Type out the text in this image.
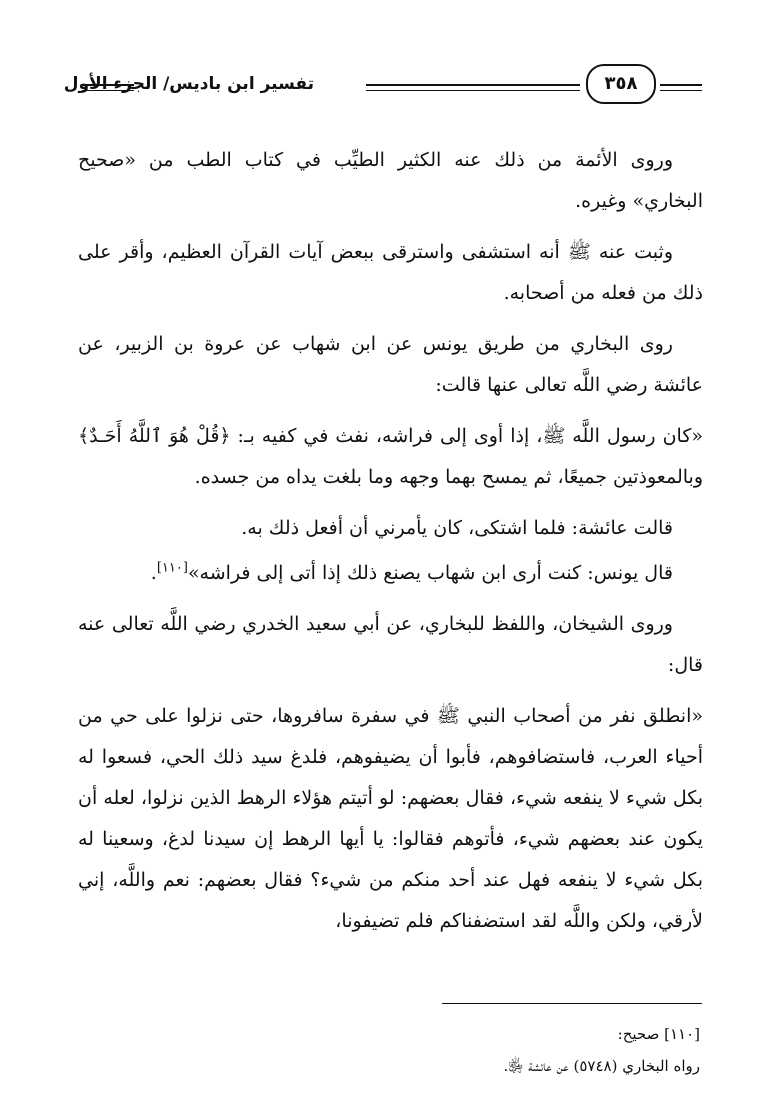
تفسير ابن باديس/ الجزء الأول	٣٥٨

وروى الأئمة من ذلك عنه الكثير الطيِّب في كتاب الطب من «صحيح البخاري» وغيره.

وثبت عنه ﷺ أنه استشفى واسترقى ببعض آيات القرآن العظيم، وأقر على ذلك من فعله من أصحابه.

روى البخاري من طريق يونس عن ابن شهاب عن عروة بن الزبير، عن عائشة رضي اللَّه تعالى عنها قالت:

«كان رسول اللَّه ﷺ، إذا أوى إلى فراشه، نفث في كفيه بـ: ﴿قُلْ هُوَ ٱللَّهُ أَحَـدٌ﴾ وبالمعوذتين جميعًا، ثم يمسح بهما وجهه وما بلغت يداه من جسده.

قالت عائشة: فلما اشتكى، كان يأمرني أن أفعل ذلك به.

قال يونس: كنت أرى ابن شهاب يصنع ذلك إذا أتى إلى فراشه»[١١٠].

وروى الشيخان، واللفظ للبخاري، عن أبي سعيد الخدري رضي اللَّه تعالى عنه قال:

«انطلق نفر من أصحاب النبي ﷺ في سفرة سافروها، حتى نزلوا على حي من أحياء العرب، فاستضافوهم، فأبوا أن يضيفوهم، فلدغ سيد ذلك الحي، فسعوا له بكل شيء لا ينفعه شيء، فقال بعضهم: لو أتيتم هؤلاء الرهط الذين نزلوا، لعله أن يكون عند بعضهم شيء، فأتوهم فقالوا: يا أيها الرهط إن سيدنا لدغ، وسعينا له بكل شيء لا ينفعه فهل عند أحد منكم من شيء؟ فقال بعضهم: نعم واللَّه، إني لأرقي، ولكن واللَّه لقد استضفناكم فلم تضيفونا،

[١١٠] صحيح:
رواه البخاري (٥٧٤٨) عن عائشة ﵂.
